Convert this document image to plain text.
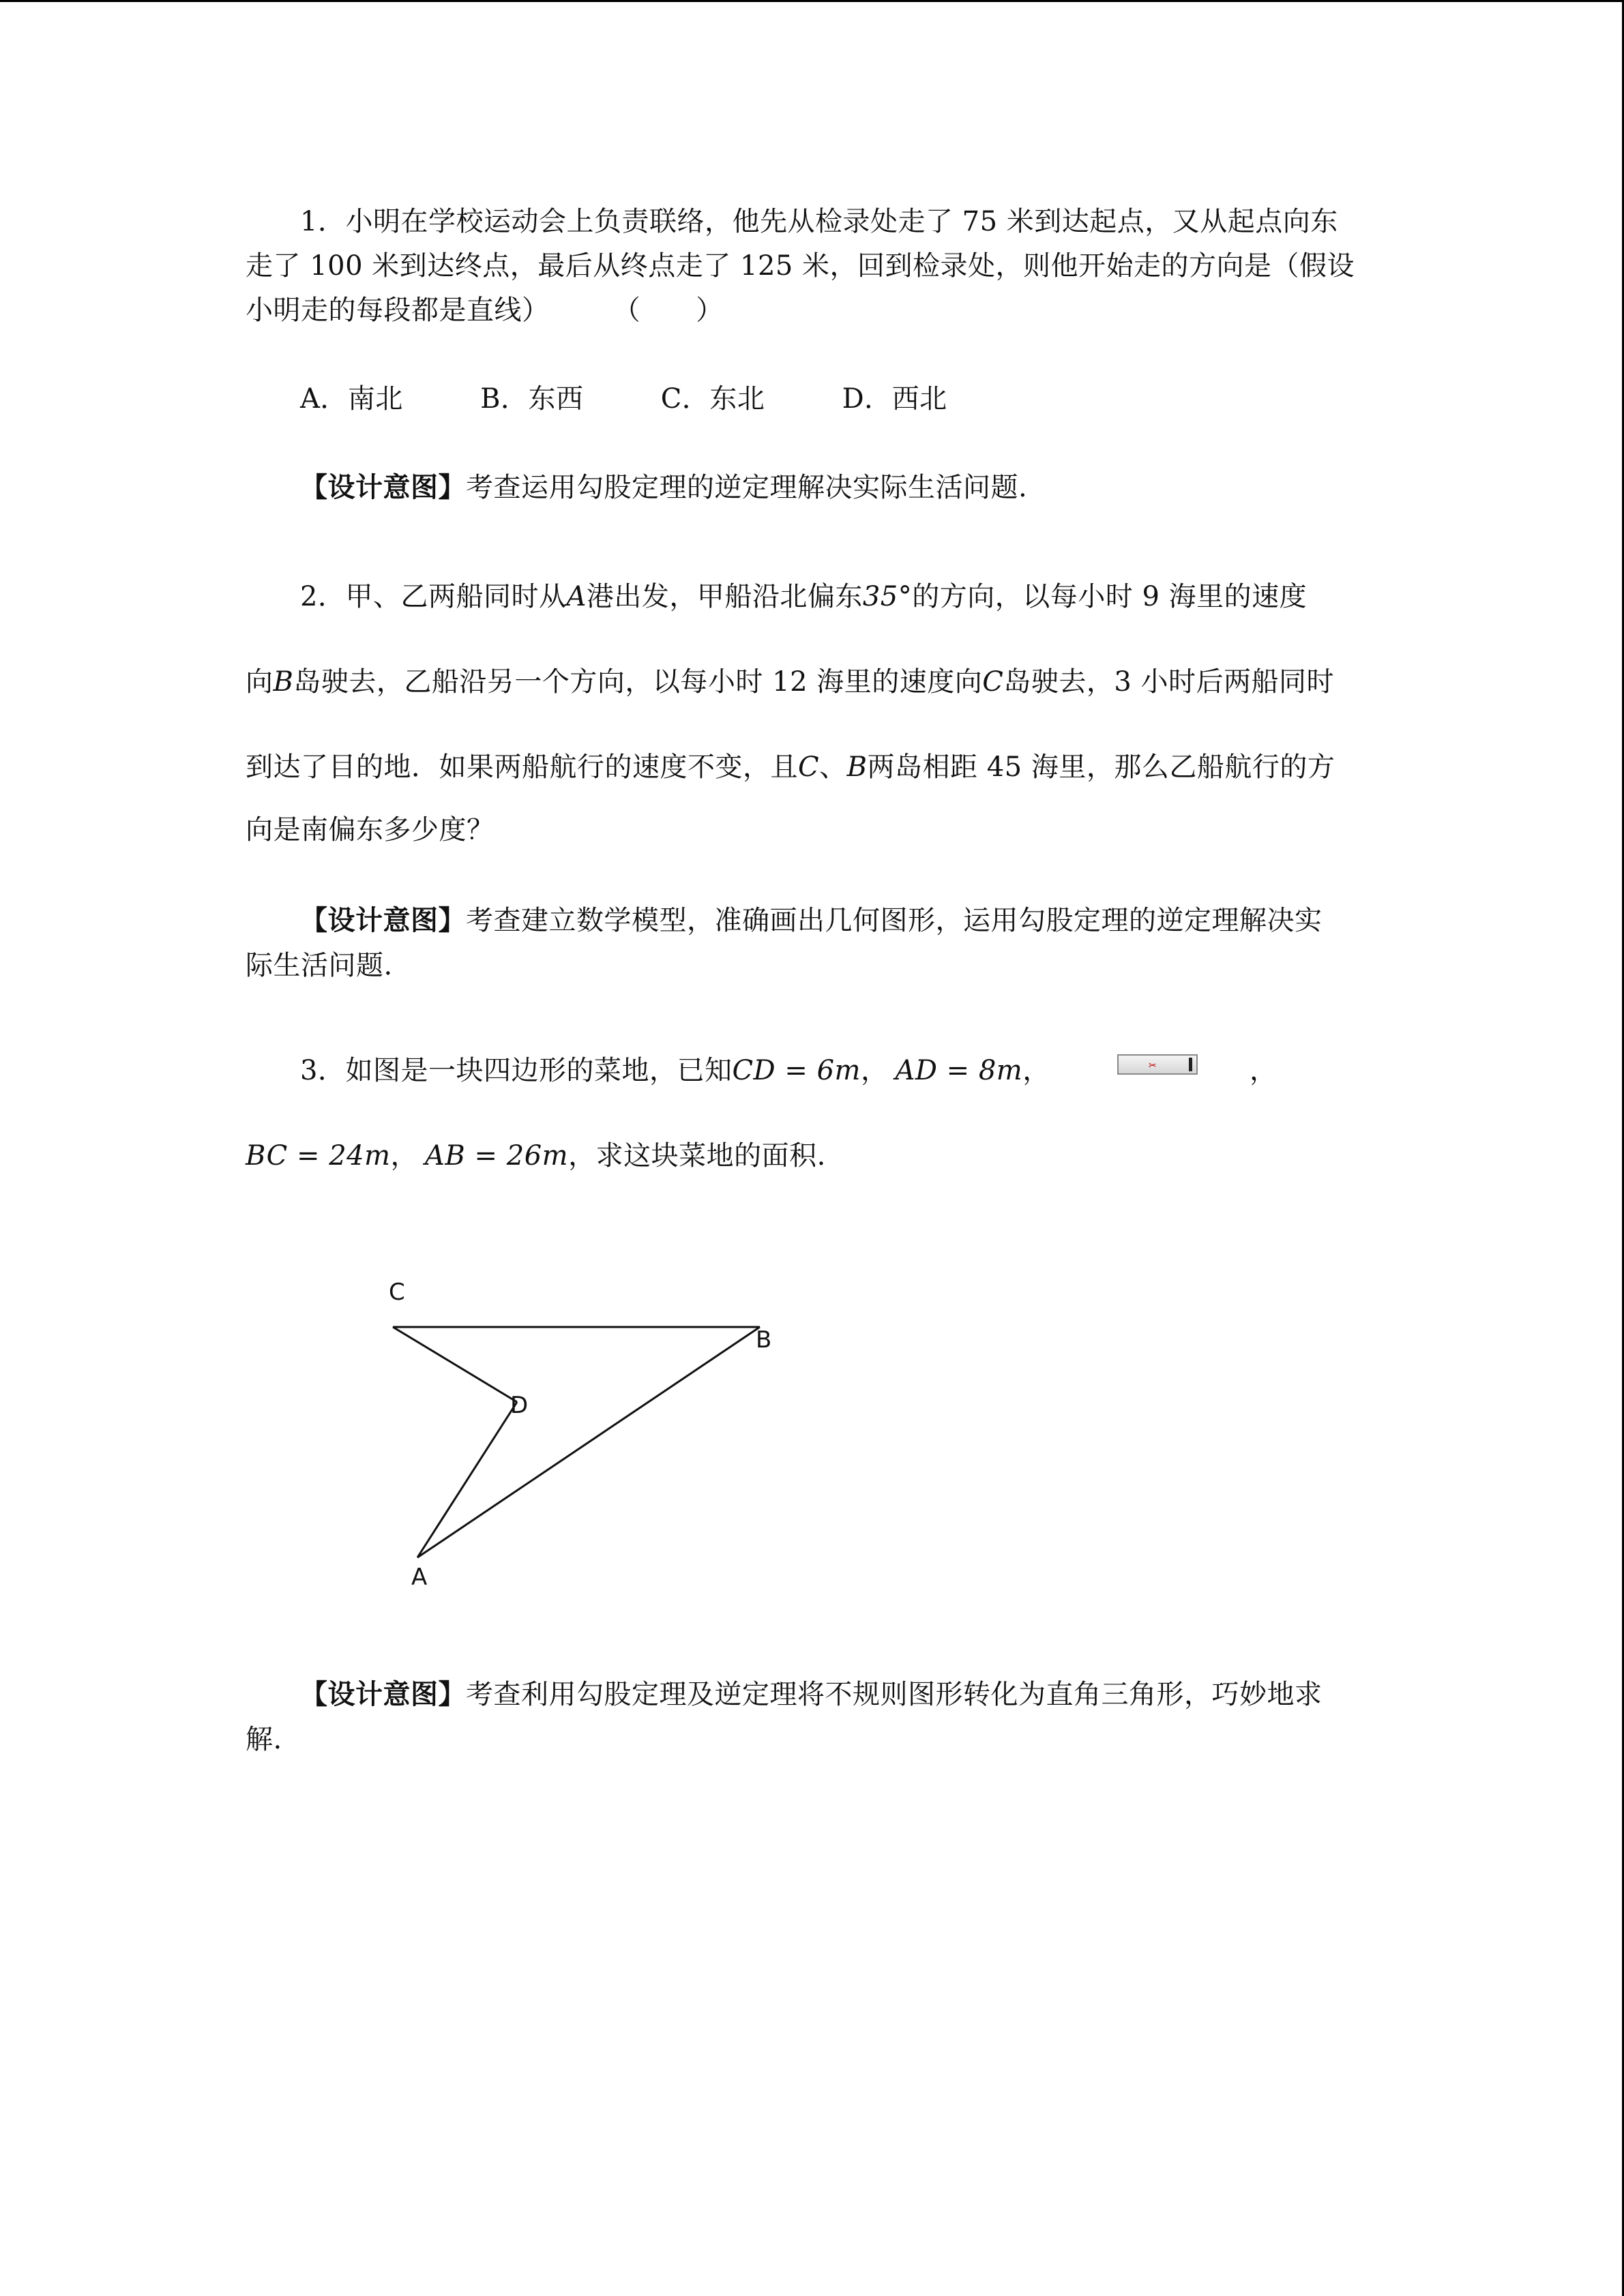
1．小明在学校运动会上负责联络，他先从检录处走了 75 米到达起点，又从起点向东
走了 100 米到达终点，最后从终点走了 125 米，回到检录处，则他开始走的方向是（假设
小明走的每段都是直线） （　　）
A．南北	B．东西	C．东北	D．西北
【设计意图】考查运用勾股定理的逆定理解决实际生活问题.
2．甲、乙两船同时从A港出发，甲船沿北偏东35°的方向，以每小时 9 海里的速度
向B岛驶去，乙船沿另一个方向，以每小时 12 海里的速度向C岛驶去，3 小时后两船同时
到达了目的地．如果两船航行的速度不变，且C、B两岛相距 45 海里，那么乙船航行的方
向是南偏东多少度？
【设计意图】考查建立数学模型，准确画出几何图形，运用勾股定理的逆定理解决实
际生活问题.
3．如图是一块四边形的菜地，已知CD = 6m， AD = 8m，	✂	，
BC = 24m， AB = 26m，求这块菜地的面积.
C
B
D
A
【设计意图】考查利用勾股定理及逆定理将不规则图形转化为直角三角形，巧妙地求
解.
